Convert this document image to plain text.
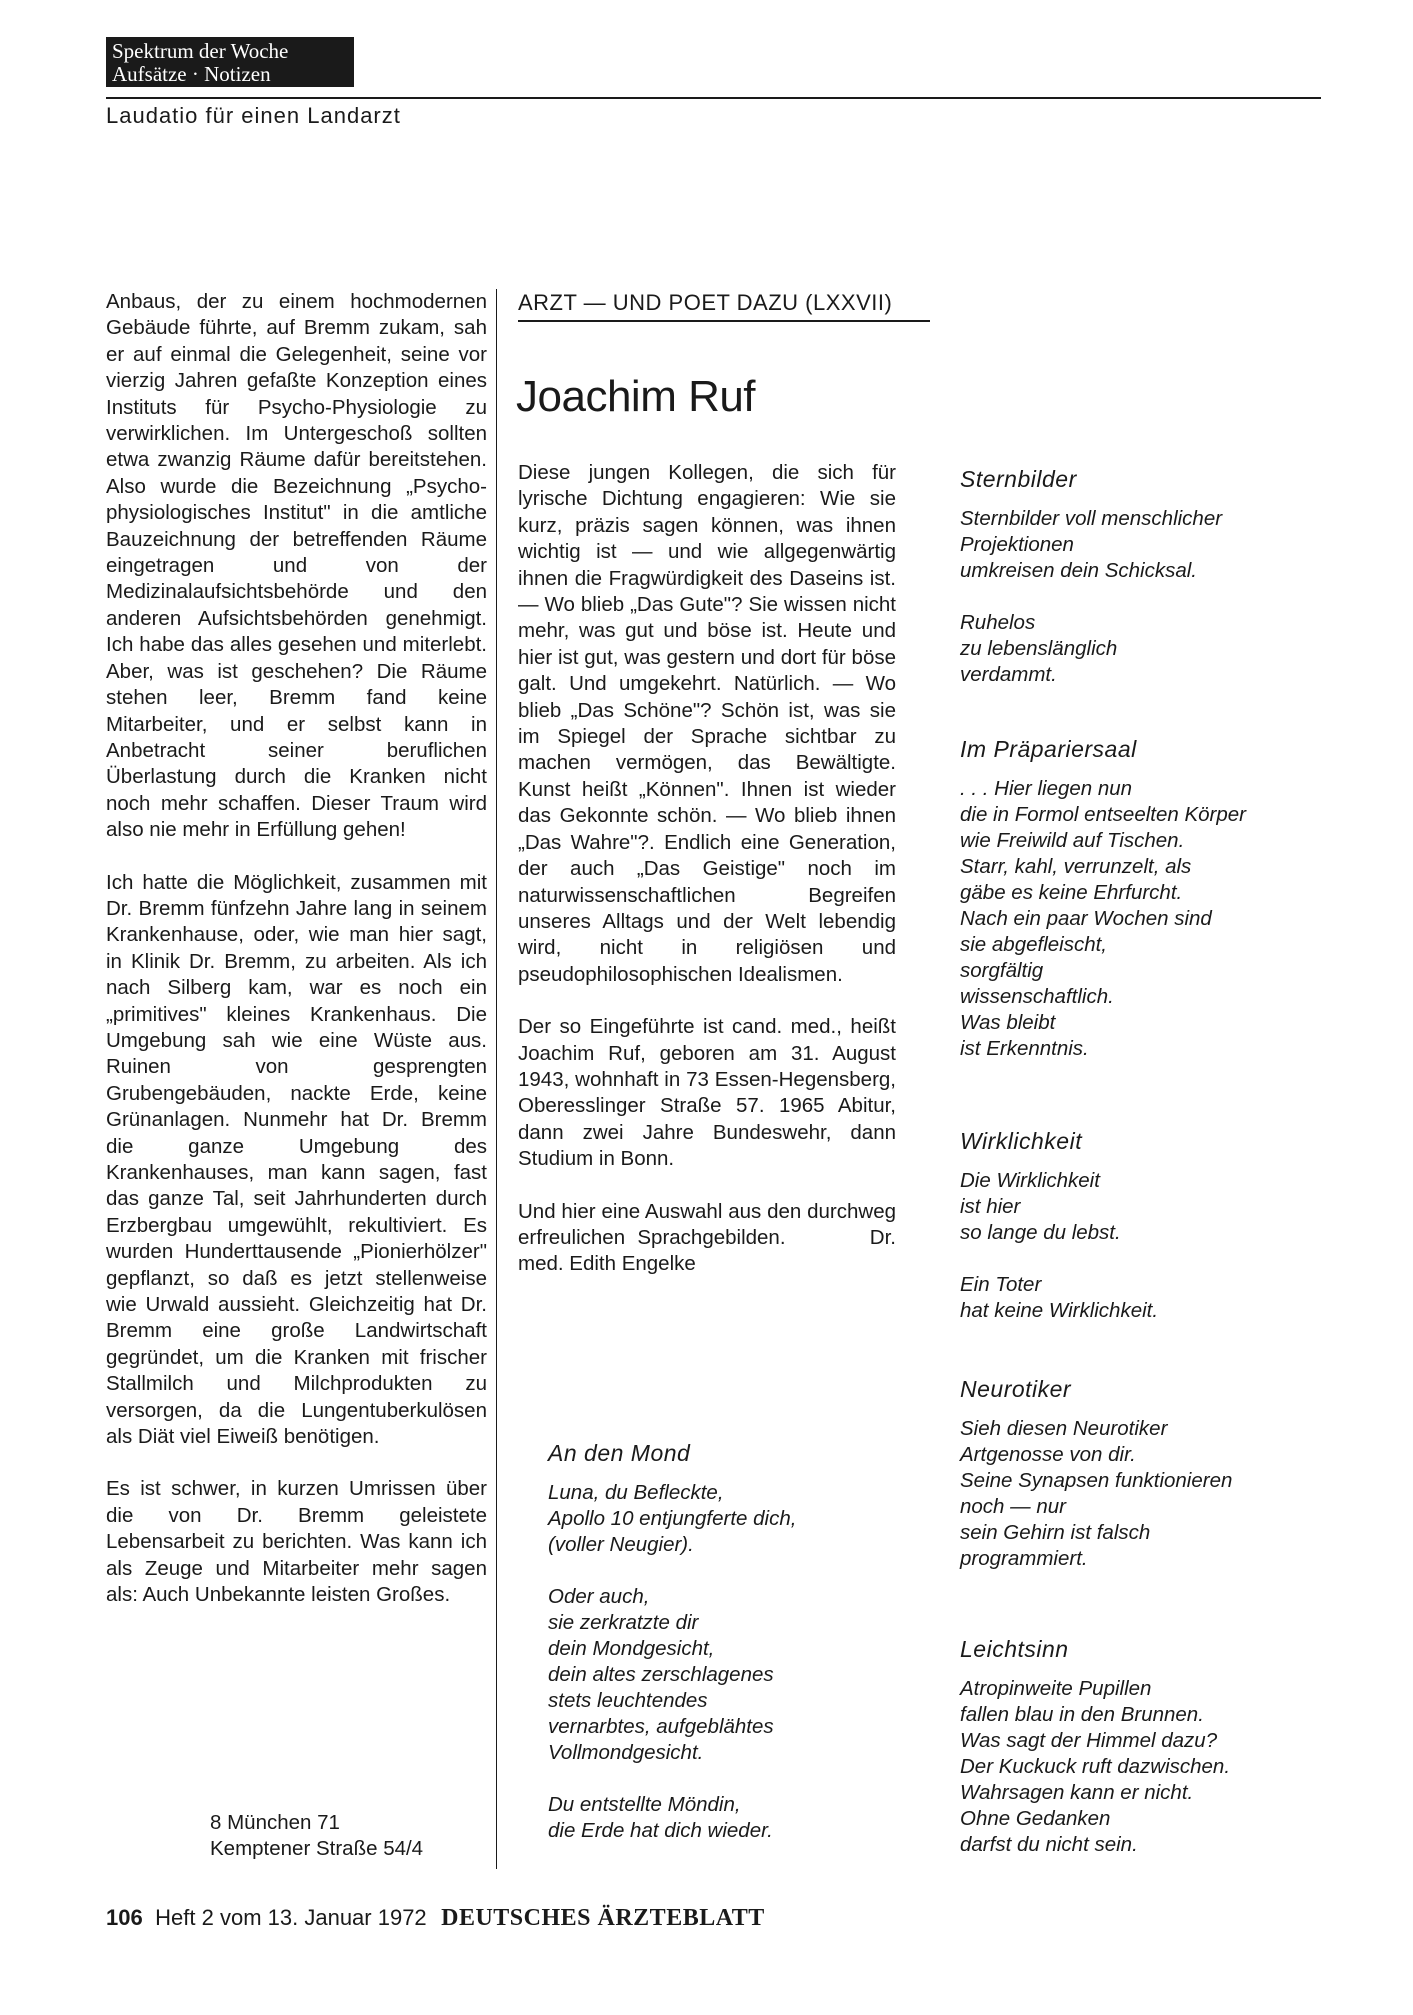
Spektrum der Woche
Aufsätze · Notizen
Laudatio für einen Landarzt

Anbaus, der zu einem hochmodernen Gebäude führte, auf Bremm zukam, sah er auf einmal die Gelegenheit, seine vor vierzig Jahren gefaßte Konzeption eines Instituts für Psycho-Physiologie zu verwirklichen. Im Untergeschoß sollten etwa zwanzig Räume dafür bereitstehen. Also wurde die Bezeichnung „Psycho-physiologisches Institut" in die amtliche Bauzeichnung der betreffenden Räume eingetragen und von der Medizinalaufsichtsbehörde und den anderen Aufsichtsbehörden genehmigt. Ich habe das alles gesehen und miterlebt. Aber, was ist geschehen? Die Räume stehen leer, Bremm fand keine Mitarbeiter, und er selbst kann in Anbetracht seiner beruflichen Überlastung durch die Kranken nicht noch mehr schaffen. Dieser Traum wird also nie mehr in Erfüllung gehen!

Ich hatte die Möglichkeit, zusammen mit Dr. Bremm fünfzehn Jahre lang in seinem Krankenhause, oder, wie man hier sagt, in Klinik Dr. Bremm, zu arbeiten. Als ich nach Silberg kam, war es noch ein „primitives" kleines Krankenhaus. Die Umgebung sah wie eine Wüste aus. Ruinen von gesprengten Grubengebäuden, nackte Erde, keine Grünanlagen. Nunmehr hat Dr. Bremm die ganze Umgebung des Krankenhauses, man kann sagen, fast das ganze Tal, seit Jahrhunderten durch Erzbergbau umgewühlt, rekultiviert. Es wurden Hunderttausende „Pionierhölzer" gepflanzt, so daß es jetzt stellenweise wie Urwald aussieht. Gleichzeitig hat Dr. Bremm eine große Landwirtschaft gegründet, um die Kranken mit frischer Stallmilch und Milchprodukten zu versorgen, da die Lungentuberkulösen als Diät viel Eiweiß benötigen.

Es ist schwer, in kurzen Umrissen über die von Dr. Bremm geleistete Lebensarbeit zu berichten. Was kann ich als Zeuge und Mitarbeiter mehr sagen als: Auch Unbekannte leisten Großes.

8 München 71
Kemptener Straße 54/4
ARZT — UND POET DAZU (LXXVII)
Joachim Ruf

Diese jungen Kollegen, die sich für lyrische Dichtung engagieren: Wie sie kurz, präzis sagen können, was ihnen wichtig ist — und wie allgegenwärtig ihnen die Fragwürdigkeit des Daseins ist. — Wo blieb „Das Gute"? Sie wissen nicht mehr, was gut und böse ist. Heute und hier ist gut, was gestern und dort für böse galt. Und umgekehrt. Natürlich. — Wo blieb „Das Schöne"? Schön ist, was sie im Spiegel der Sprache sichtbar zu machen vermögen, das Bewältigte. Kunst heißt „Können". Ihnen ist wieder das Gekonnte schön. — Wo blieb ihnen „Das Wahre"?. Endlich eine Generation, der auch „Das Geistige" noch im naturwissenschaftlichen Begreifen unseres Alltags und der Welt lebendig wird, nicht in religiösen und pseudophilosophischen Idealismen.

Der so Eingeführte ist cand. med., heißt Joachim Ruf, geboren am 31. August 1943, wohnhaft in 73 Essen-Hegensberg, Oberesslinger Straße 57. 1965 Abitur, dann zwei Jahre Bundeswehr, dann Studium in Bonn.

Und hier eine Auswahl aus den durchweg erfreulichen Sprachgebilden.	Dr. med. Edith Engelke

An den Mond
Luna, du Befleckte,
Apollo 10 entjungferte dich,
(voller Neugier).
Oder auch,
sie zerkratzte dir
dein Mondgesicht,
dein altes zerschlagenes
stets leuchtendes
vernarbtes, aufgeblähtes
Vollmondgesicht.
Du entstellte Möndin,
die Erde hat dich wieder.
Sternbilder
Sternbilder voll menschlicher
Projektionen
umkreisen dein Schicksal.
Ruhelos
zu lebenslänglich
verdammt.
Im Präpariersaal
. . . Hier liegen nun
die in Formol entseelten Körper
wie Freiwild auf Tischen.
Starr, kahl, verrunzelt, als
gäbe es keine Ehrfurcht.
Nach ein paar Wochen sind
sie abgefleischt,
sorgfältig
wissenschaftlich.
Was bleibt
ist Erkenntnis.
Wirklichkeit
Die Wirklichkeit
ist hier
so lange du lebst.
Ein Toter
hat keine Wirklichkeit.
Neurotiker
Sieh diesen Neurotiker
Artgenosse von dir.
Seine Synapsen funktionieren
noch — nur
sein Gehirn ist falsch
programmiert.
Leichtsinn
Atropinweite Pupillen
fallen blau in den Brunnen.
Was sagt der Himmel dazu?
Der Kuckuck ruft dazwischen.
Wahrsagen kann er nicht.
Ohne Gedanken
darfst du nicht sein.
106 Heft 2 vom 13. Januar 1972 DEUTSCHES ÄRZTEBLATT
